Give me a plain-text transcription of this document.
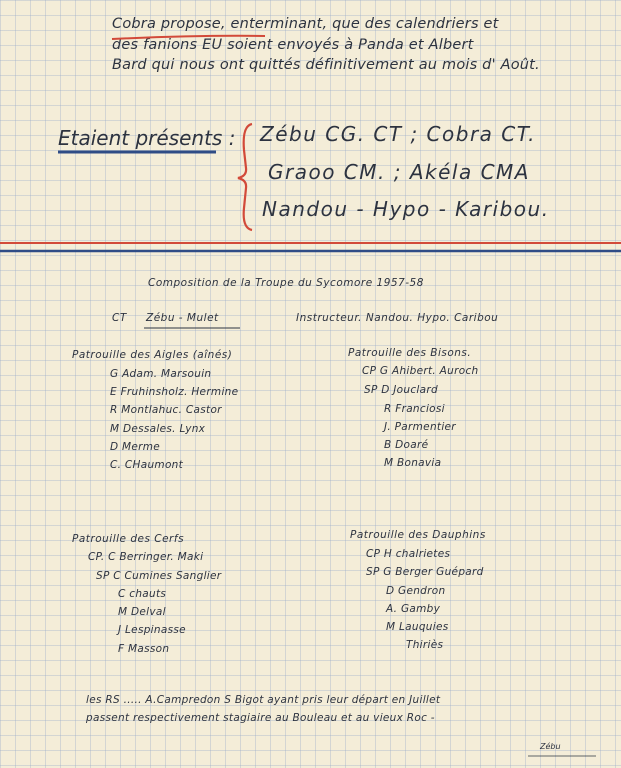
Cobra propose, enterminant, que des calendriers et
des fanions EU soient envoyés à Panda et Albert
Bard qui nous ont quittés définitivement au mois d' Août.
Etaient présents : Zébu CG. CT ; Cobra CT.
Graoo CM. ; Akéla CMA
Nandou - Hypo - Karibou.
Composition de la Troupe du Sycomore 1957-58
CT Zébu - Mulet	Instructeur. Nandou. Hypo. Caribou
Patrouille des Aigles (aînés)
G Adam. Marsouin
E Fruhinsholz. Hermine
R Montlahuc. Castor
M Dessales. Lynx
D Merme
C. CHaumont
Patrouille des Bisons.
CP G Ahibert. Auroch
SP D Jouclard
R Franciosi
J. Parmentier
B Doaré
M Bonavia
Patrouille des Cerfs
CP. C Berringer. Maki
SP C Cumines Sanglier
C chauts
M Delval
J Lespinasse
F Masson
Patrouille des Dauphins
CP H chalrietes
SP G Berger Guépard
D Gendron
A. Gamby
M Lauquies
Thiriès
les RS ..... A.Campredon S Bigot ayant pris leur départ en Juillet
passent respectivement stagiaire au Bouleau et au vieux Roc -
Zébu
